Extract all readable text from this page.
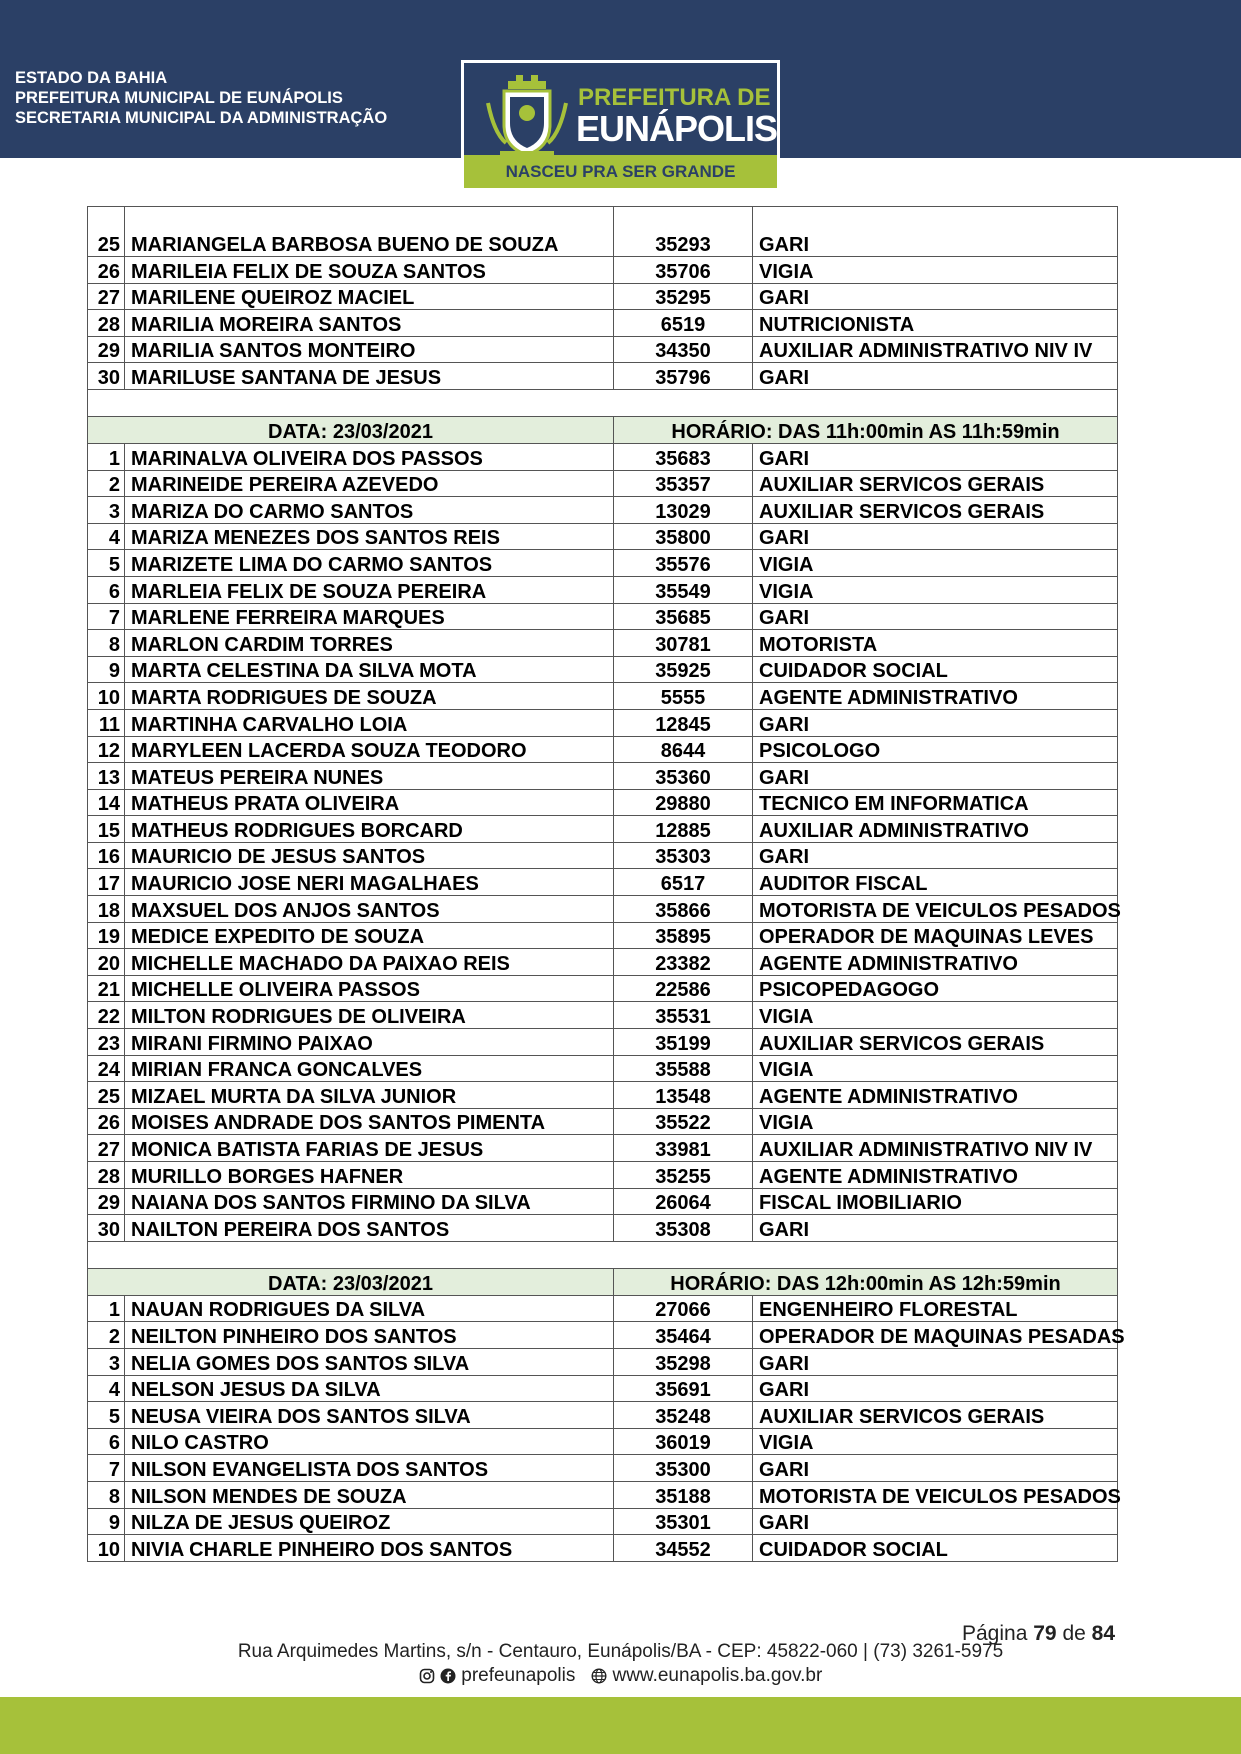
ESTADO DA BAHIA
PREFEITURA MUNICIPAL DE EUNÁPOLIS
SECRETARIA MUNICIPAL DA ADMINISTRAÇÃO
PREFEITURA DE
EUNÁPOLIS
NASCEU PRA SER GRANDE
25	MARIANGELA BARBOSA BUENO DE SOUZA	35293	GARI
26	MARILEIA FELIX DE SOUZA SANTOS	35706	VIGIA
27	MARILENE QUEIROZ MACIEL	35295	GARI
28	MARILIA MOREIRA SANTOS	6519	NUTRICIONISTA
29	MARILIA SANTOS MONTEIRO	34350	AUXILIAR ADMINISTRATIVO NIV IV
30	MARILUSE SANTANA DE JESUS	35796	GARI

DATA: 23/03/2021		HORÁRIO: DAS 11h:00min AS 11h:59min	
1	MARINALVA OLIVEIRA DOS PASSOS	35683	GARI
2	MARINEIDE PEREIRA AZEVEDO	35357	AUXILIAR SERVICOS GERAIS
3	MARIZA DO CARMO SANTOS	13029	AUXILIAR SERVICOS GERAIS
4	MARIZA MENEZES DOS SANTOS REIS	35800	GARI
5	MARIZETE LIMA DO CARMO SANTOS	35576	VIGIA
6	MARLEIA FELIX DE SOUZA PEREIRA	35549	VIGIA
7	MARLENE FERREIRA MARQUES	35685	GARI
8	MARLON CARDIM TORRES	30781	MOTORISTA
9	MARTA CELESTINA DA SILVA MOTA	35925	CUIDADOR SOCIAL
10	MARTA RODRIGUES DE SOUZA	5555	AGENTE ADMINISTRATIVO
11	MARTINHA CARVALHO LOIA	12845	GARI
12	MARYLEEN LACERDA SOUZA TEODORO	8644	PSICOLOGO
13	MATEUS PEREIRA NUNES	35360	GARI
14	MATHEUS PRATA OLIVEIRA	29880	TECNICO EM INFORMATICA
15	MATHEUS RODRIGUES BORCARD	12885	AUXILIAR ADMINISTRATIVO
16	MAURICIO DE JESUS SANTOS	35303	GARI
17	MAURICIO JOSE NERI MAGALHAES	6517	AUDITOR FISCAL
18	MAXSUEL DOS ANJOS SANTOS	35866	MOTORISTA DE VEICULOS PESADOS
19	MEDICE EXPEDITO DE SOUZA	35895	OPERADOR DE MAQUINAS LEVES
20	MICHELLE MACHADO DA PAIXAO REIS	23382	AGENTE ADMINISTRATIVO
21	MICHELLE OLIVEIRA PASSOS	22586	PSICOPEDAGOGO
22	MILTON RODRIGUES DE OLIVEIRA	35531	VIGIA
23	MIRANI FIRMINO PAIXAO	35199	AUXILIAR SERVICOS GERAIS
24	MIRIAN FRANCA GONCALVES	35588	VIGIA
25	MIZAEL MURTA DA SILVA JUNIOR	13548	AGENTE ADMINISTRATIVO
26	MOISES ANDRADE DOS SANTOS PIMENTA	35522	VIGIA
27	MONICA BATISTA FARIAS DE JESUS	33981	AUXILIAR ADMINISTRATIVO NIV IV
28	MURILLO BORGES HAFNER	35255	AGENTE ADMINISTRATIVO
29	NAIANA DOS SANTOS FIRMINO DA SILVA	26064	FISCAL IMOBILIARIO
30	NAILTON PEREIRA DOS SANTOS	35308	GARI

DATA: 23/03/2021		HORÁRIO: DAS 12h:00min AS 12h:59min	
1	NAUAN RODRIGUES DA SILVA	27066	ENGENHEIRO FLORESTAL
2	NEILTON PINHEIRO DOS SANTOS	35464	OPERADOR DE MAQUINAS PESADAS
3	NELIA GOMES DOS SANTOS SILVA	35298	GARI
4	NELSON JESUS DA SILVA	35691	GARI
5	NEUSA VIEIRA DOS SANTOS SILVA	35248	AUXILIAR SERVICOS GERAIS
6	NILO CASTRO	36019	VIGIA
7	NILSON EVANGELISTA DOS SANTOS	35300	GARI
8	NILSON MENDES DE SOUZA	35188	MOTORISTA DE VEICULOS PESADOS
9	NILZA DE JESUS QUEIROZ	35301	GARI
10	NIVIA CHARLE PINHEIRO DOS SANTOS	34552	CUIDADOR SOCIAL
Página 79 de 84
Rua Arquimedes Martins, s/n - Centauro, Eunápolis/BA - CEP: 45822-060 | (73) 3261-5975
prefeunapolis www.eunapolis.ba.gov.br
